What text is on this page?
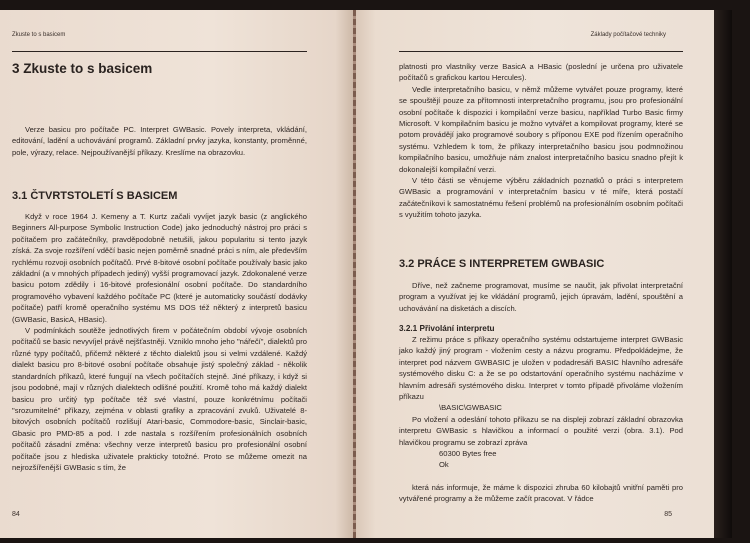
Zkuste to s basicem
3 Zkuste to s basicem

Verze basicu pro počítače PC. Interpret GWBasic. Povely interpreta, vkládání, editování, ladění a uchovávání programů. Základní prvky jazyka, konstanty, proměnné, pole, výrazy, relace. Nejpoužívanější příkazy. Kreslíme na obrazovku.

3.1 ČTVRTSTOLETÍ S BASICEM

Když v roce 1964 J. Kemeny a T. Kurtz začali vyvíjet jazyk basic (z anglického Beginners All-purpose Symbolic Instruction Code) jako jednoduchý nástroj pro práci s počítačem pro začátečníky, pravděpodobně netušili, jakou popularitu si tento jazyk získá. Za svoje rozšíření vděčí basic nejen poměrně snadné práci s ním, ale především rychlému rozvoji osobních počítačů. Prvé 8-bitové osobní počítače používaly basic jako základní (a v mnohých případech jediný) vyšší programovací jazyk. Zdokonalené verze basicu potom zdědily i 16-bitové profesionální osobní počítače. Do standardního programového vybavení každého počítače PC (které je automaticky součástí dodávky počítače) patří kromě operačního systému MS DOS též některý z interpretů basicu (GWBasic, BasicA, HBasic).

V podmínkách soutěže jednotlivých firem v počátečním období vývoje osobních počítačů se basic nevyvíjel právě nejšťastněji. Vzniklo mnoho jeho "nářečí", dialektů pro různé typy počítačů, přičemž některé z těchto dialektů jsou si velmi vzdálené. Každý dialekt basicu pro 8-bitové osobní počítače obsahuje jistý společný základ - několik standardních příkazů, které fungují na všech počítačích stejně. Jiné příkazy, i když si jsou podobné, mají v různých dialektech odlišné použití. Kromě toho má každý dialekt basicu pro určitý typ počítače též své vlastní, pouze konkrétnímu počítači "srozumitelné" příkazy, zejména v oblasti grafiky a zpracování zvuků. Uživatelé 8-bitových osobních počítačů rozlišují Atari-basic, Commodore-basic, Sinclair-basic, Gbasic pro PMD-85 a pod. I zde nastala s rozšířením profesionálních osobních počítačů zásadní změna: všechny verze interpretů basicu pro profesionální osobní počítače jsou z hlediska uživatele prakticky totožné. Proto se můžeme omezit na nejrozšířenější GWBasic s tím, že

84
Základy počítačové techniky

platnosti pro vlastníky verze BasicA a HBasic (poslední je určena pro uživatele počítačů s grafickou kartou Hercules).

Vedle interpretačního basicu, v němž můžeme vytvářet pouze programy, které se spouštějí pouze za přítomnosti interpretačního programu, jsou pro profesionální osobní počítače k dispozici i kompilační verze basicu, například Turbo Basic firmy Microsoft. V kompilačním basicu je možno vytvářet a kompilovat programy, které se potom provádějí jako programové soubory s příponou EXE pod řízením operačního systému. Vzhledem k tom, že příkazy interpretačního basicu jsou podmnožinou kompilačního basicu, umožňuje nám znalost interpretačního basicu snadno přejít k dokonalejší kompilační verzi.

V této části se věnujeme výběru základních poznatků o práci s interpretem GWBasic a programování v interpretačním basicu v té míře, která postačí začátečníkovi k samostatnému řešení problémů na profesionálním osobním počítači s využitím tohoto jazyka.

3.2 PRÁCE S INTERPRETEM GWBASIC

Dříve, než začneme programovat, musíme se naučit, jak přivolat interpretační program a využívat jej ke vkládání programů, jejich úpravám, ladění, spouštění a uchovávání na disketách a discích.

3.2.1 Přivolání interpretu

Z režimu práce s příkazy operačního systému odstartujeme interpret GWBasic jako každý jiný program - vložením cesty a názvu programu. Předpokládejme, že interpret pod názvem GWBASIC je uložen v podadresáři BASIC hlavního adresáře systémového disku C: a že se po odstartování operačního systému nacházíme v hlavním adresáři systémového disku. Interpret v tomto případě přivoláme vložením příkazu

\BASIC\GWBASIC

Po vložení a odeslání tohoto příkazu se na displeji zobrazí základní obrazovka interpretu GWBasic s hlavičkou a informací o použité verzi (obra. 3.1). Pod hlavičkou programu se zobrazí zpráva

60300 Bytes free
Ok

která nás informuje, že máme k dispozici zhruba 60 kilobajtů vnitřní paměti pro vytvářené programy a že můžeme začít pracovat. V řádce

85
